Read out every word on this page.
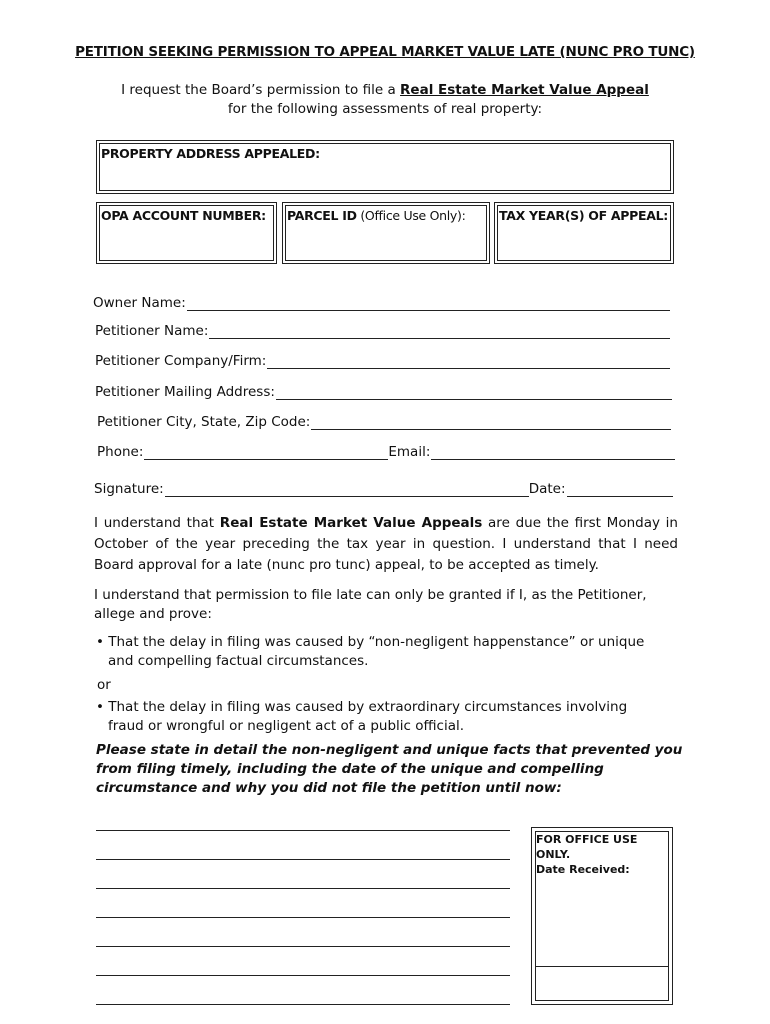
PETITION SEEKING PERMISSION TO APPEAL MARKET VALUE LATE (NUNC PRO TUNC)
I request the Board’s permission to file a Real Estate Market Value Appeal
for the following assessments of real property:
PROPERTY ADDRESS APPEALED:
OPA ACCOUNT NUMBER: PARCEL ID (Office Use Only):	TAX YEAR(S) OF APPEAL:
Owner Name:
Petitioner Name:
Petitioner Company/Firm:
Petitioner Mailing Address:
Petitioner City, State, Zip Code:
Phone:	Email:
Signature:	Date:
I understand that Real Estate Market Value Appeals are due the first Monday in October of the year preceding the tax year in question. I understand that I need Board approval for a late (nunc pro tunc) appeal, to be accepted as timely.
I understand that permission to file late can only be granted if I, as the Petitioner, allege and prove:
• That the delay in filing was caused by “non-negligent happenstance” or unique
and compelling factual circumstances.
or
• That the delay in filing was caused by extraordinary circumstances involving
fraud or wrongful or negligent act of a public official.
Please state in detail the non-negligent and unique facts that prevented you from filing timely, including the date of the unique and compelling circumstance and why you did not file the petition until now:
FOR OFFICE USE ONLY.
Date Received:
